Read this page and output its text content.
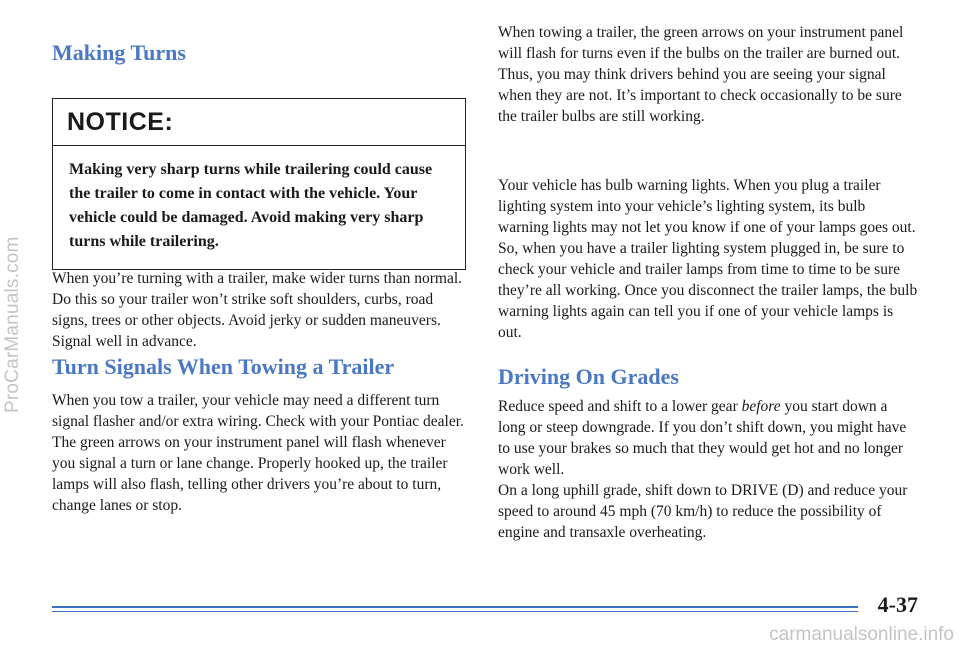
ProCarManuals.com
carmanualsonline.info
Making Turns
NOTICE:
Making very sharp turns while trailering could cause the trailer to come in contact with the vehicle. Your vehicle could be damaged. Avoid making very sharp turns while trailering.

When you’re turning with a trailer, make wider turns than normal. Do this so your trailer won’t strike soft shoulders, curbs, road signs, trees or other objects. Avoid jerky or sudden maneuvers. Signal well in advance.

Turn Signals When Towing a Trailer

When you tow a trailer, your vehicle may need a different turn signal flasher and/or extra wiring. Check with your Pontiac dealer. The green arrows on your instrument panel will flash whenever you signal a turn or lane change. Properly hooked up, the trailer lamps will also flash, telling other drivers you’re about to turn, change lanes or stop.

When towing a trailer, the green arrows on your instrument panel will flash for turns even if the bulbs on the trailer are burned out. Thus, you may think drivers behind you are seeing your signal when they are not. It’s important to check occasionally to be sure the trailer bulbs are still working.

Your vehicle has bulb warning lights. When you plug a trailer lighting system into your vehicle’s lighting system, its bulb warning lights may not let you know if one of your lamps goes out. So, when you have a trailer lighting system plugged in, be sure to check your vehicle and trailer lamps from time to time to be sure they’re all working. Once you disconnect the trailer lamps, the bulb warning lights again can tell you if one of your vehicle lamps is out.

Driving On Grades

Reduce speed and shift to a lower gear before you start down a long or steep downgrade. If you don’t shift down, you might have to use your brakes so much that they would get hot and no longer work well.

On a long uphill grade, shift down to DRIVE (D) and reduce your speed to around 45 mph (70 km/h) to reduce the possibility of engine and transaxle overheating.

4-37
